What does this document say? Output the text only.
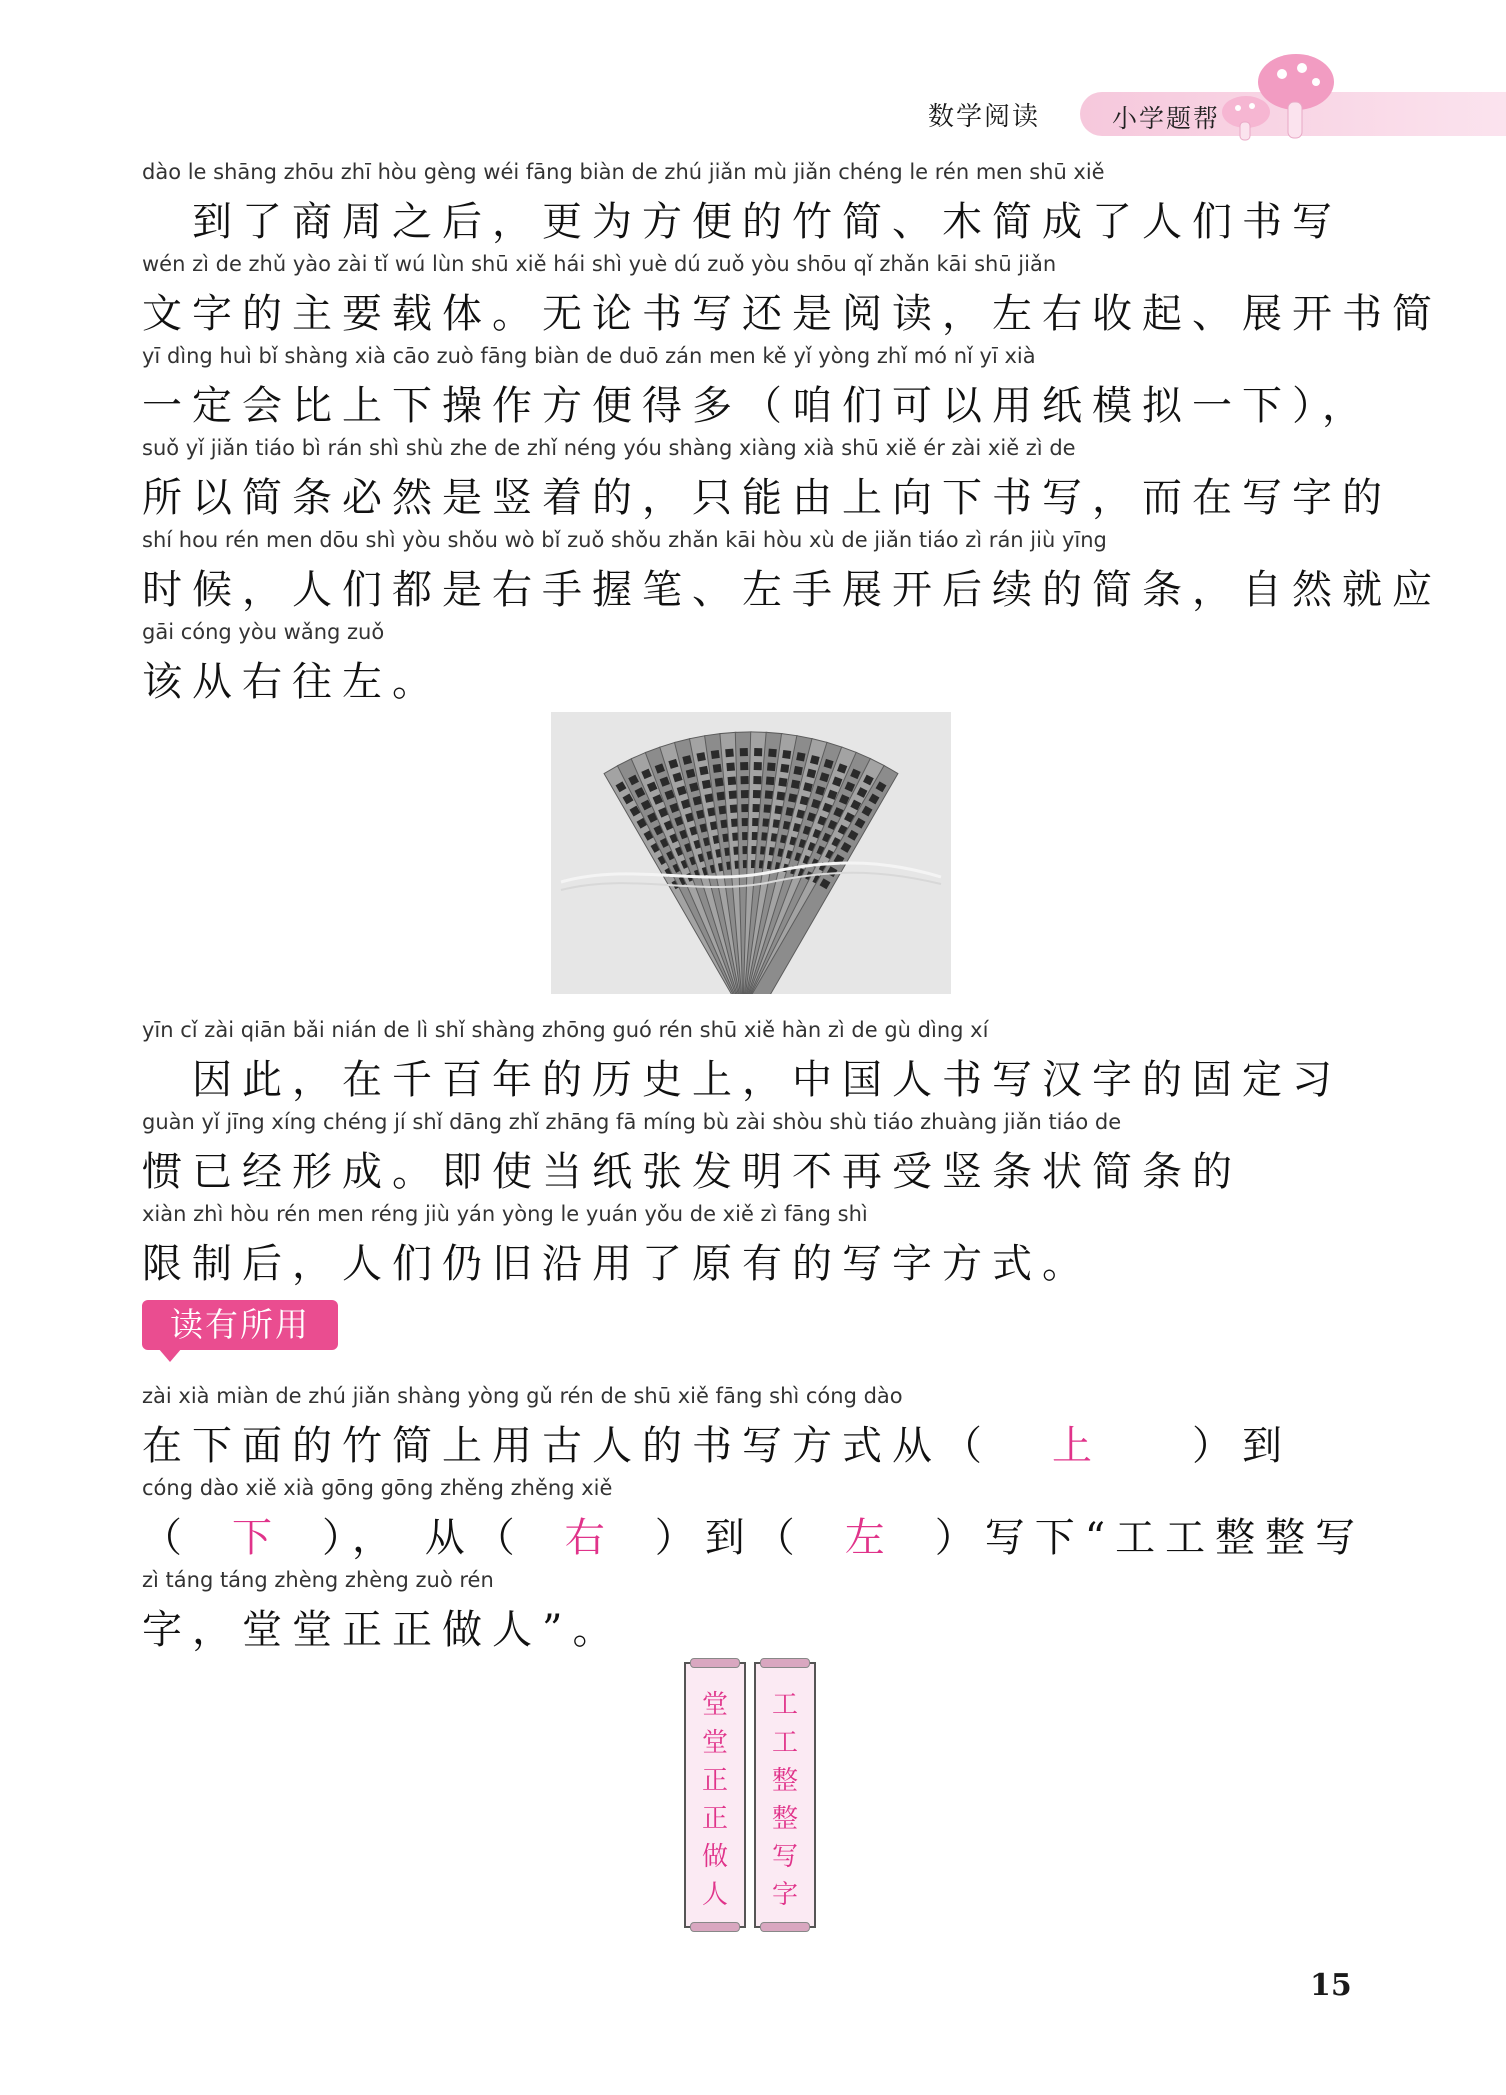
数学阅读	小学题帮
dào le shāng zhōu zhī hòu gèng wéi fāng biàn de zhú jiǎn mù jiǎn chéng le rén men shū xiě
　到了商周之后，更为方便的竹简、木简成了人们书写
wén zì de zhǔ yào zài tǐ wú lùn shū xiě hái shì yuè dú zuǒ yòu shōu qǐ zhǎn kāi shū jiǎn
文字的主要载体。无论书写还是阅读，左右收起、展开书简
yī dìng huì bǐ shàng xià cāo zuò fāng biàn de duō zán men kě yǐ yòng zhǐ mó nǐ yī xià
一定会比上下操作方便得多（咱们可以用纸模拟一下），
suǒ yǐ jiǎn tiáo bì rán shì shù zhe de zhǐ néng yóu shàng xiàng xià shū xiě ér zài xiě zì de
所以简条必然是竖着的，只能由上向下书写，而在写字的
shí hou rén men dōu shì yòu shǒu wò bǐ zuǒ shǒu zhǎn kāi hòu xù de jiǎn tiáo zì rán jiù yīng
时候，人们都是右手握笔、左手展开后续的简条，自然就应
gāi cóng yòu wǎng zuǒ
该从右往左。
yīn cǐ zài qiān bǎi nián de lì shǐ shàng zhōng guó rén shū xiě hàn zì de gù dìng xí
　因此，在千百年的历史上，中国人书写汉字的固定习
guàn yǐ jīng xíng chéng jí shǐ dāng zhǐ zhāng fā míng bù zài shòu shù tiáo zhuàng jiǎn tiáo de
惯已经形成。即使当纸张发明不再受竖条状简条的
xiàn zhì hòu rén men réng jiù yán yòng le yuán yǒu de xiě zì fāng shì
限制后，人们仍旧沿用了原有的写字方式。
读有所用
zài xià miàn de zhú jiǎn shàng yòng gǔ rén de shū xiě fāng shì cóng dào
在下面的竹简上用古人的书写方式从（ 上 ）到
cóng dào xiě xià gōng gōng zhěng zhěng xiě
（ 下 ）， 从（ 右 ）到（ 左 ）写下“工工整整写
zì táng táng zhèng zhèng zuò rén
字，堂堂正正做人”。
堂堂正正做人
工工整整写字
15
